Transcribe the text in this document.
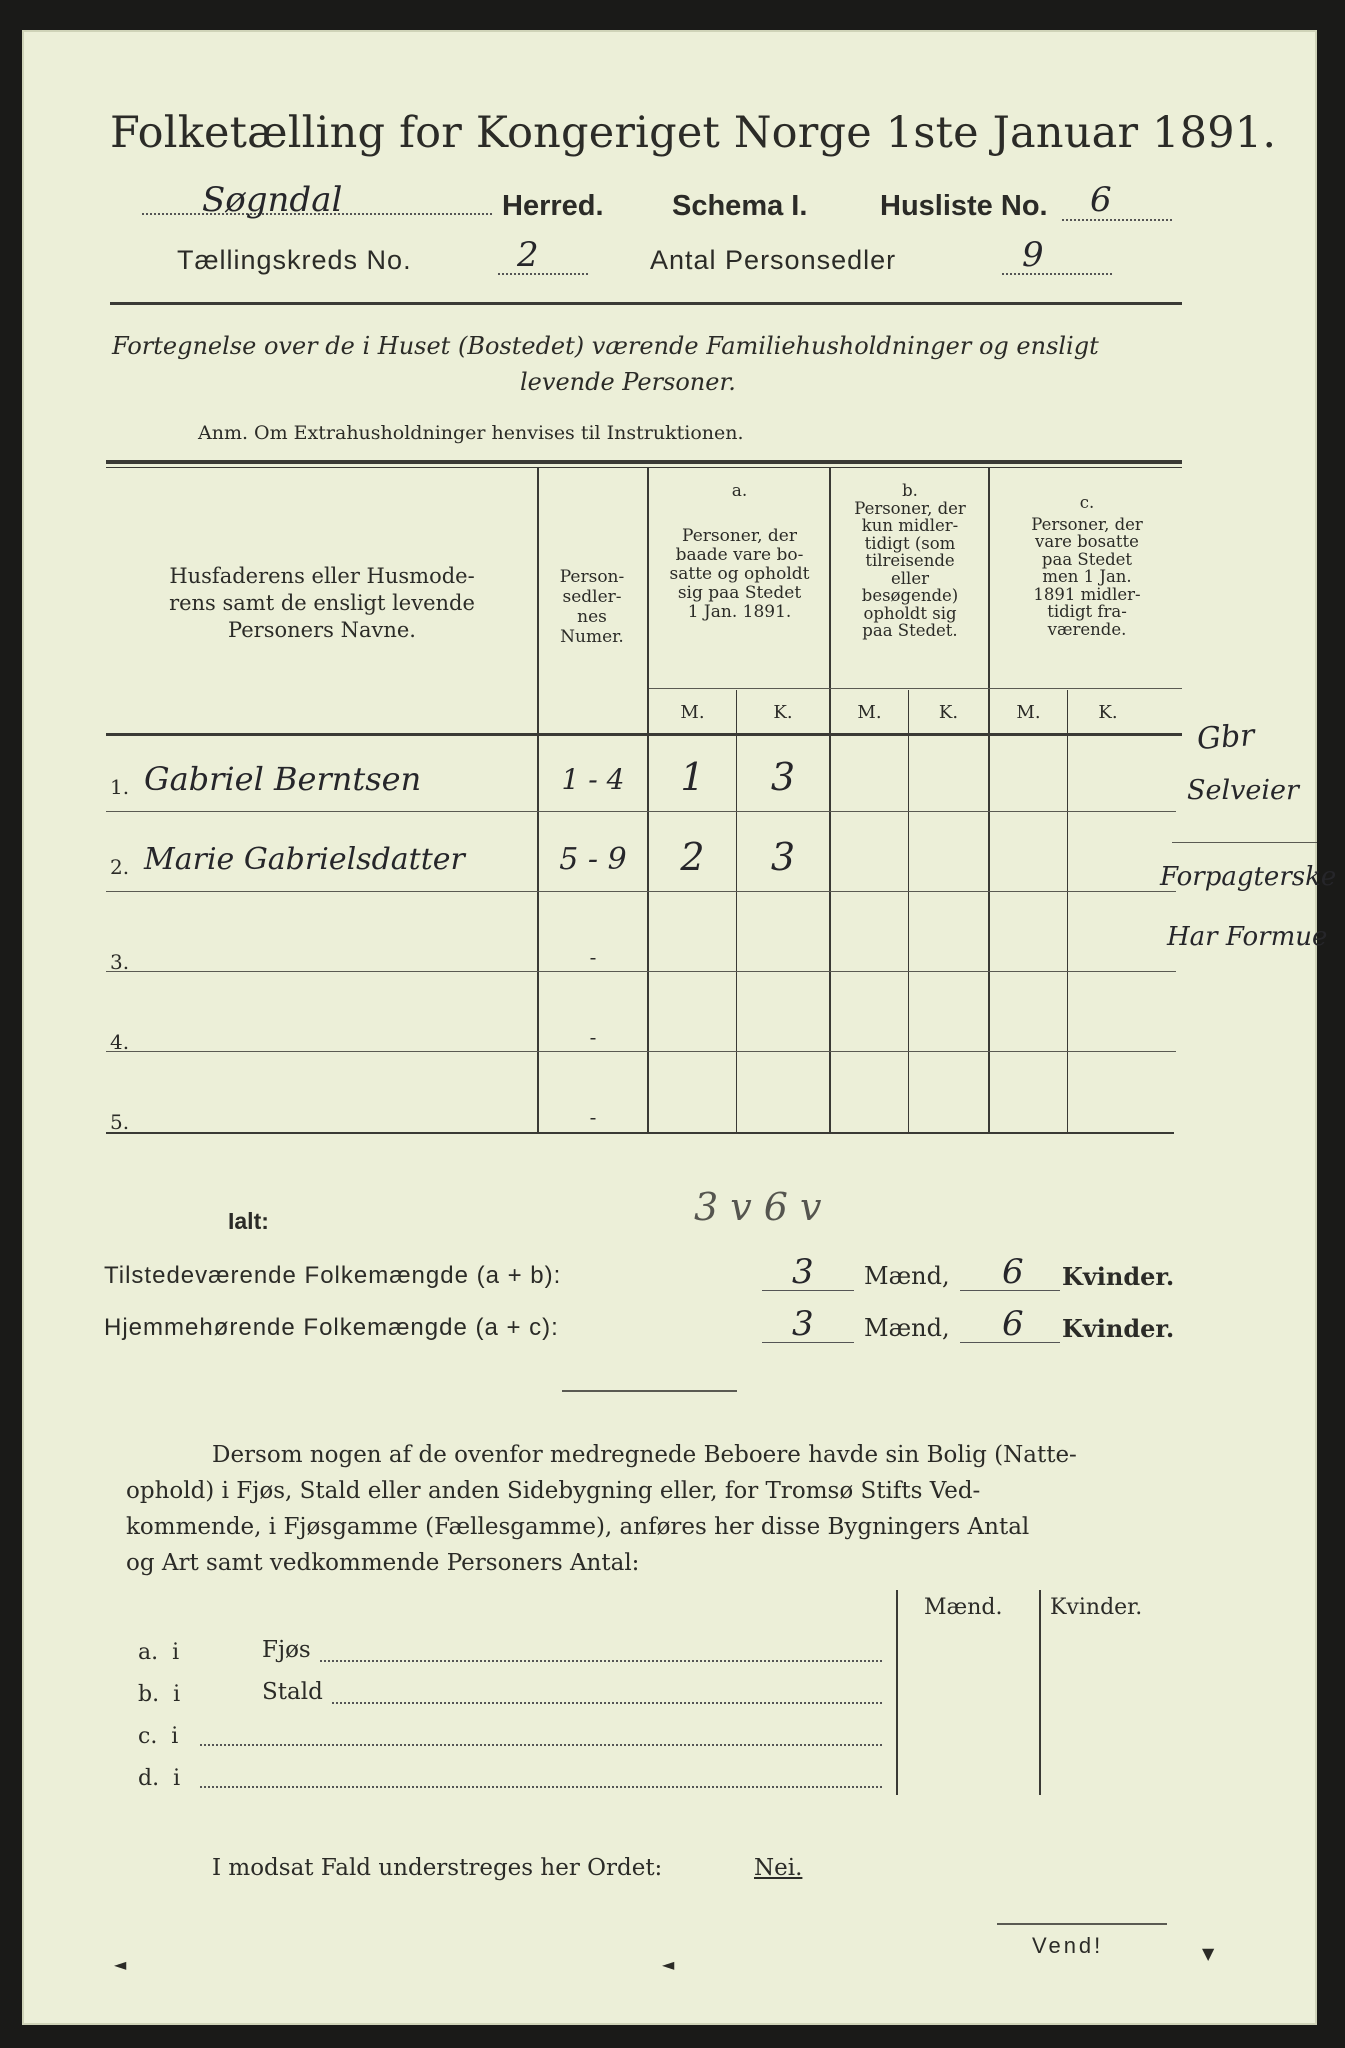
Folketælling for Kongeriget Norge 1ste Januar 1891.
Søgndal	Herred. Schema I.	Husliste No. 6
Tællingskreds No.	2	Antal Personsedler	9
Fortegnelse over de i Huset (Bostedet) værende Familiehusholdninger og ensligt
levende Personer.
Anm. Om Extrahusholdninger henvises til Instruktionen.
Husfaderens eller Husmode-
rens samt de ensligt levende
Personers Navne.
Person-
sedler-
nes
Numer.
a.
Personer, der
baade vare bo-
satte og opholdt
sig paa Stedet
1 Jan. 1891.
b.
Personer, der
kun midler-
tidigt (som
tilreisende
eller
besøgende)
opholdt sig
paa Stedet.
c.
Personer, der
vare bosatte
paa Stedet
men 1 Jan.
1891 midler-
tidigt fra-
værende.
M.	K.	M.	K.	M.	K.
1. Gabriel Berntsen	1 - 4	1	3
2. Marie Gabrielsdatter	5 - 9	2	3
3.	-
4.	-
5.	-
Gbr
Selveier
Forpagterske
Har Formue
Ialt:	3 v 6 v
Tilstedeværende Folkemængde (a + b):	3 Mænd, 6 Kvinder.
Hjemmehørende Folkemængde (a + c):	3 Mænd, 6 Kvinder.
Dersom nogen af de ovenfor medregnede Beboere havde sin Bolig (Natte-
ophold) i Fjøs, Stald eller anden Sidebygning eller, for Tromsø Stifts Ved-
kommende, i Fjøsgamme (Fællesgamme), anføres her disse Bygningers Antal
og Art samt vedkommende Personers Antal:
Mænd. Kvinder.
a.  i	Fjøs
b.  i	Stald
c.  i
d.  i
I modsat Fald understreges her Ordet:	Nei.
Vend!
◄	◄
▼
